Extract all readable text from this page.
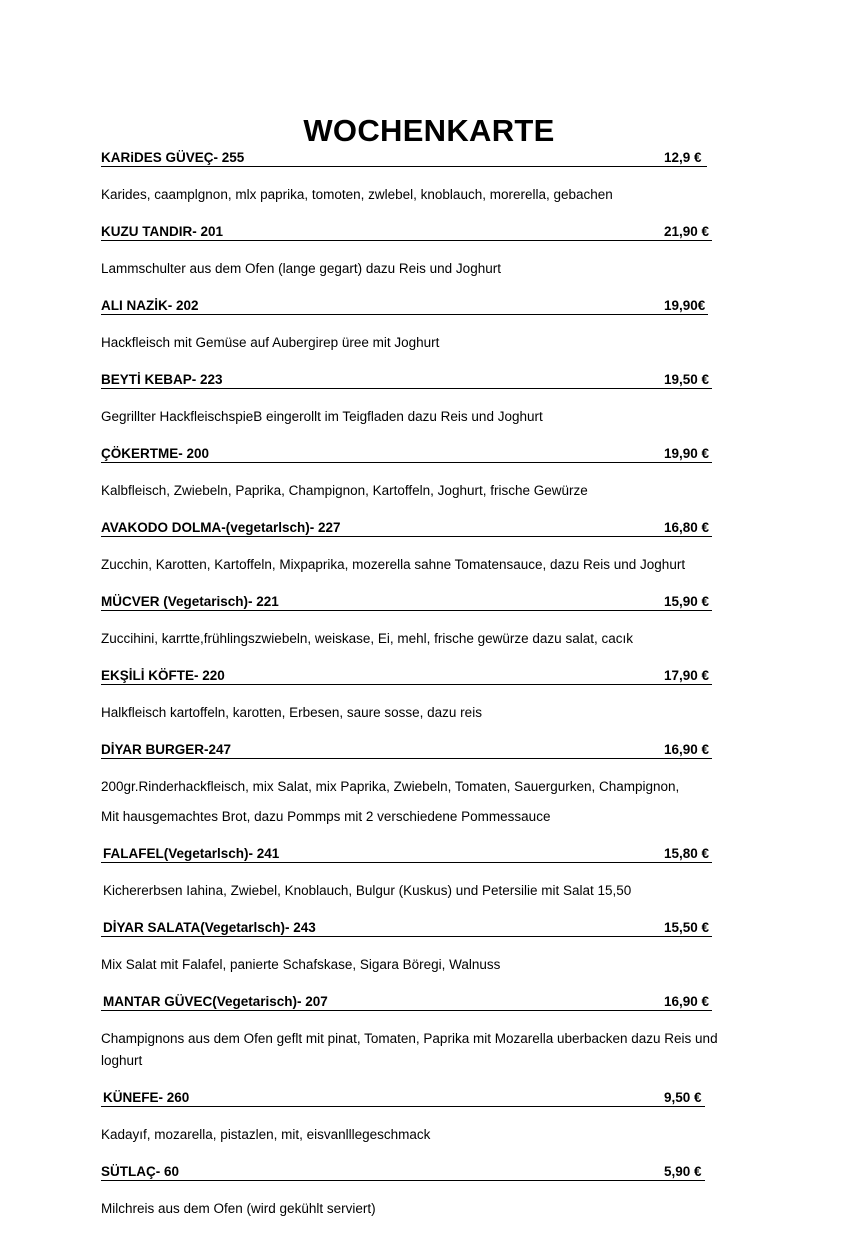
WOCHENKARTE
KARiDES GÜVEÇ- 255	12,9 €
Karides, caamplgnon, mlx paprika, tomoten, zwlebel, knoblauch, morerella, gebachen
KUZU TANDIR- 201	21,90 €
Lammschulter aus dem Ofen (lange gegart) dazu Reis und Joghurt
ALI NAZİK- 202	19,90€
Hackfleisch mit Gemüse auf Aubergirep üree mit Joghurt
BEYTİ KEBAP- 223	19,50 €
Gegrillter HackfleischspieB eingerollt im Teigfladen dazu Reis und Joghurt
ÇÖKERTME- 200	19,90 €
Kalbfleisch, Zwiebeln, Paprika, Champignon, Kartoffeln, Joghurt, frische Gewürze
AVAKODO DOLMA-(vegetarlsch)- 227	16,80 €
Zucchin, Karotten, Kartoffeln, Mixpaprika, mozerella sahne Tomatensauce, dazu Reis und Joghurt
MÜCVER (Vegetarisch)- 221	15,90 €
Zuccihini, karrtte,frühlingszwiebeln, weiskase, Ei, mehl, frische gewürze dazu salat, cacık
EKŞİLİ KÖFTE- 220	17,90 €
Halkfleisch kartoffeln, karotten, Erbesen, saure sosse, dazu reis
DİYAR BURGER-247	16,90 €
200gr.Rinderhackfleisch, mix Salat, mix Paprika, Zwiebeln, Tomaten, Sauergurken, Champignon,
Mit hausgemachtes Brot, dazu Pommps mit 2 verschiedene Pommessauce
FALAFEL(Vegetarlsch)- 241	15,80 €
Kichererbsen Iahina, Zwiebel, Knoblauch, Bulgur (Kuskus) und Petersilie mit Salat 15,50
DİYAR SALATA(Vegetarlsch)- 243	15,50 €
Mix Salat mit Falafel, panierte Schafskase, Sigara Böregi, Walnuss
MANTAR GÜVEC(Vegetarisch)- 207	16,90 €
Champignons aus dem Ofen geflt mit pinat, Tomaten, Paprika mit Mozarella uberbacken dazu Reis und loghurt
KÜNEFE- 260	9,50 €
Kadayıf, mozarella, pistazlen, mit, eisvanlllegeschmack
SÜTLAÇ- 60	5,90 €
Milchreis aus dem Ofen (wird gekühlt serviert)
